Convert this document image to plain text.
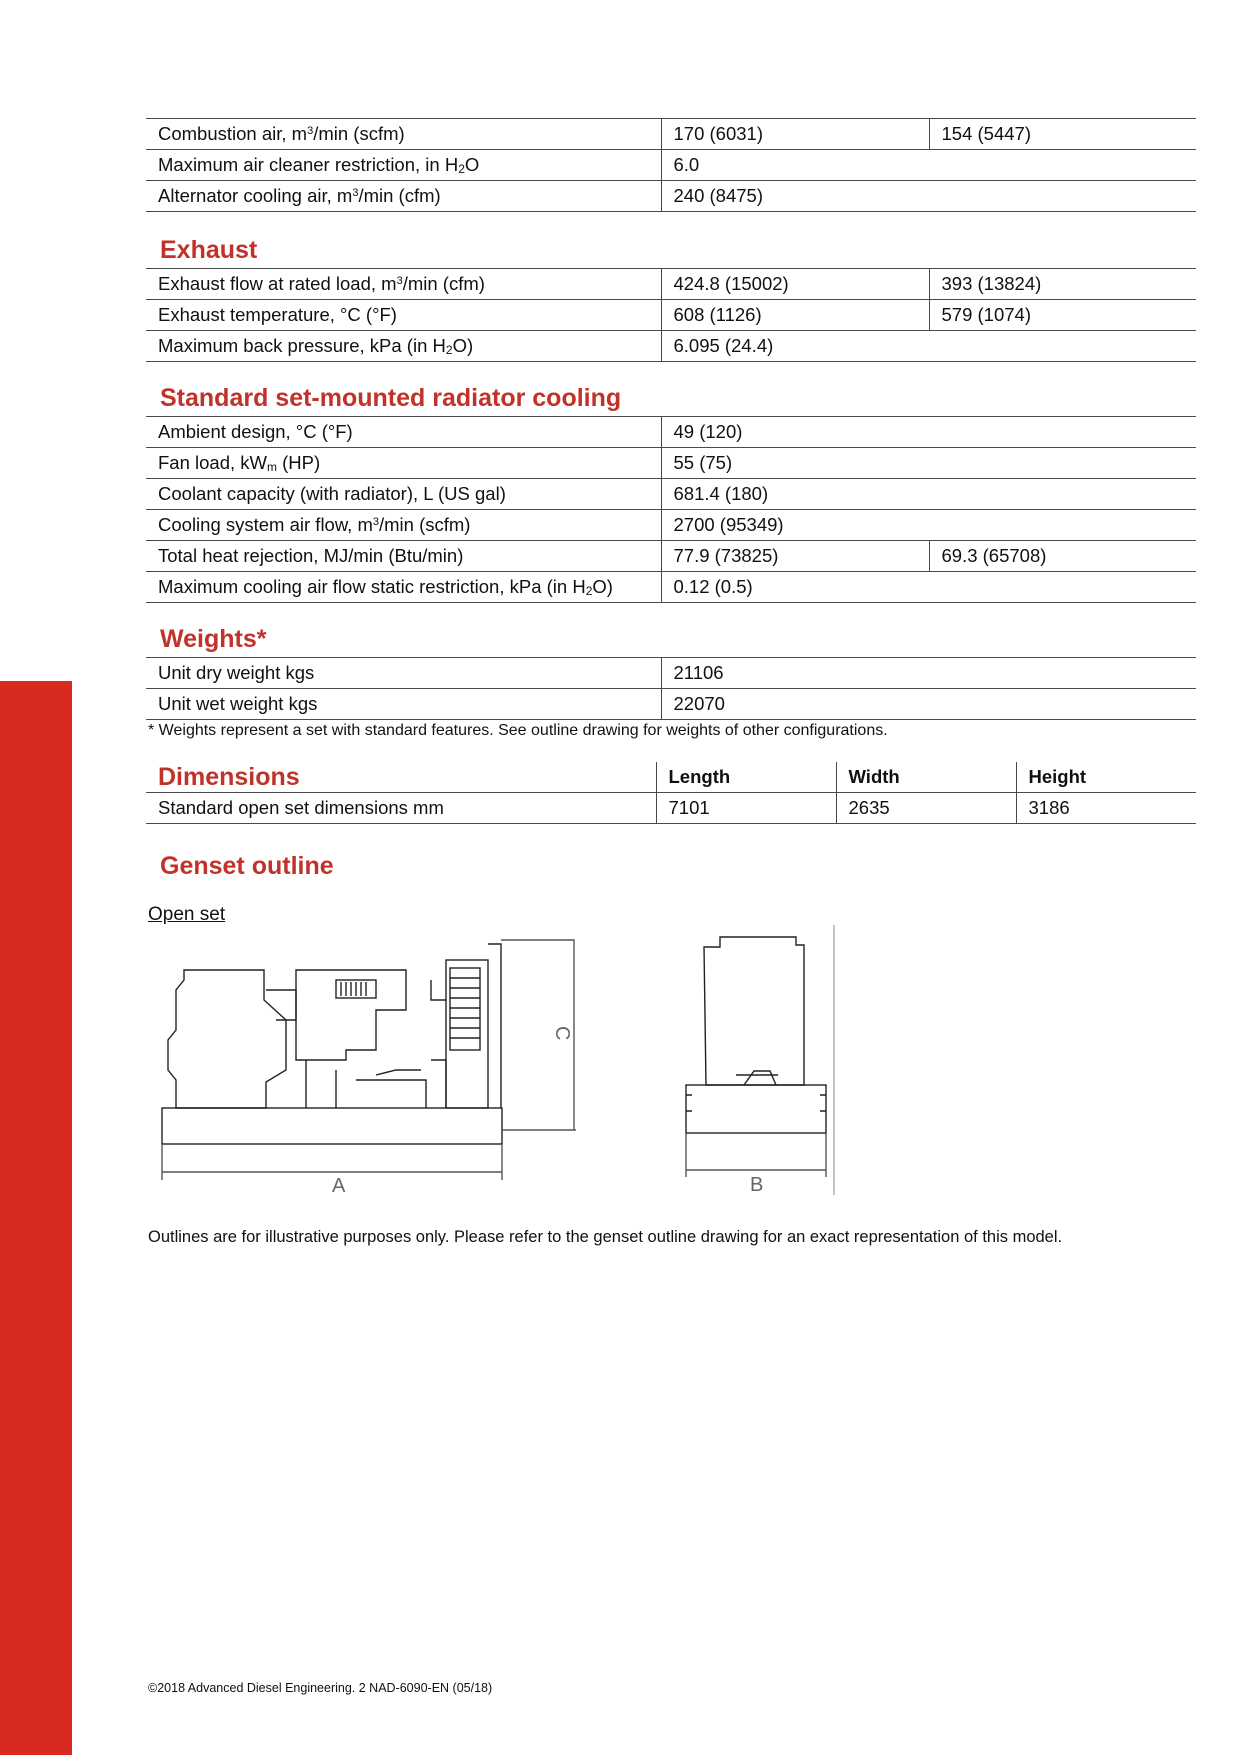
Combustion air, $m^3/\min$ (scfm)	170 (6031)	154 (5447)
Maximum air cleaner restriction, in $H_2O$	6.0	
Alternator cooling air, $m^3/\min$ (cfm)	240 (8475)	
Exhaust
Exhaust flow at rated load, $m^3/\min$ (cfm)	424.8 (15002)	393 (13824)
Exhaust temperature, °C (°F)	608 (1126)	579 (1074)
Maximum back pressure, kPa (in $H_2O$)	6.095 (24.4)	
Standard set-mounted radiator cooling
Ambient design, °C (°F)	49 (120)	
Fan load, $kW_m$ (HP)	55 (75)	
Coolant capacity (with radiator), L (US gal)	681.4 (180)	
Cooling system air flow, $m^3/\min$ (scfm)	2700 (95349)	
Total heat rejection, MJ/min (Btu/min)	77.9 (73825)	69.3 (65708)
Maximum cooling air flow static restriction, kPa (in $H_2O$)	0.12 (0.5)	
Weights*
Unit dry weight kgs	21106
Unit wet weight kgs	22070
* Weights represent a set with standard features. See outline drawing for weights of other configurations.
Dimensions	Length	Width	Height
Standard open set dimensions mm	7101	2635	3186
Genset outline
Open set
A
C
B
Outlines are for illustrative purposes only. Please refer to the genset outline drawing for an exact representation of this model.
©2018 Advanced Diesel Engineering. 2 NAD-6090-EN (05/18)
